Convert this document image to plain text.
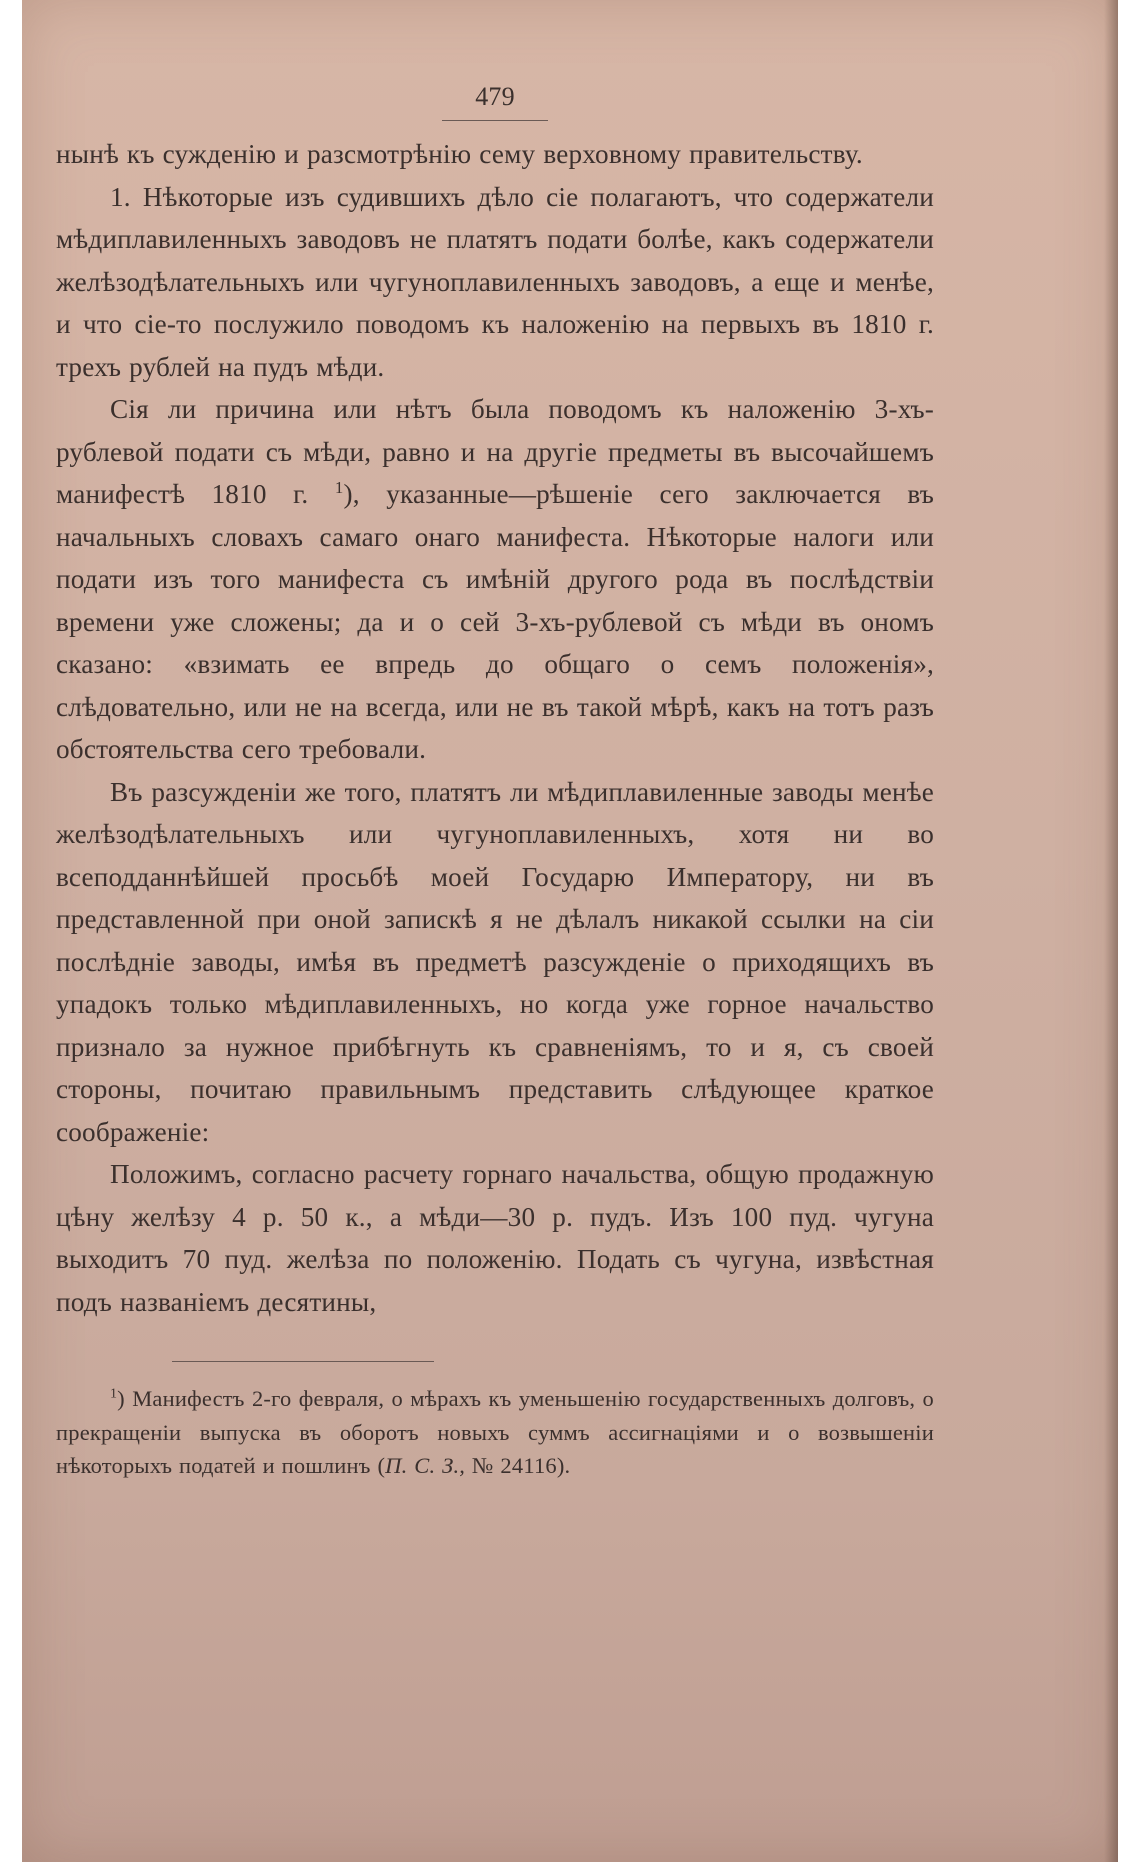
479

нынѣ къ сужденію и разсмотрѣнію сему верховному правительству.

1. Нѣкоторые изъ судившихъ дѣло сіе полагаютъ, что содержатели мѣдиплавиленныхъ заводовъ не платятъ подати болѣе, какъ содержатели желѣзодѣлательныхъ или чугуноплавиленныхъ заводовъ, а еще и менѣе, и что сіе-то послужило поводомъ къ наложенію на первыхъ въ 1810 г. трехъ рублей на пудъ мѣди.

Сія ли причина или нѣтъ была поводомъ къ наложенію 3-хъ-рублевой подати съ мѣди, равно и на другіе предметы въ высочайшемъ манифестѣ 1810 г. $^1$), указанные—рѣшеніе сего заключается въ начальныхъ словахъ самаго онаго манифеста. Нѣкоторые налоги или подати изъ того манифеста съ имѣній другого рода въ послѣдствіи времени уже сложены; да и о сей 3-хъ-рублевой съ мѣди въ ономъ сказано: «взимать ее впредь до общаго о семъ положенія», слѣдовательно, или не на всегда, или не въ такой мѣрѣ, какъ на тотъ разъ обстоятельства сего требовали.

Въ разсужденіи же того, платятъ ли мѣдиплавиленные заводы менѣе желѣзодѣлательныхъ или чугуноплавиленныхъ, хотя ни во всеподданнѣйшей просьбѣ моей Государю Императору, ни въ представленной при оной запискѣ я не дѣлалъ никакой ссылки на сіи послѣдніе заводы, имѣя въ предметѣ разсужденіе о приходящихъ въ упадокъ только мѣдиплавиленныхъ, но когда уже горное начальство признало за нужное прибѣгнуть къ сравненіямъ, то и я, съ своей стороны, почитаю правильнымъ представить слѣдующее краткое соображеніе:

Положимъ, согласно расчету горнаго начальства, общую продажную цѣну желѣзу 4 р. 50 к., а мѣди—30 р. пудъ. Изъ 100 пуд. чугуна выходитъ 70 пуд. желѣза по положенію. Подать съ чугуна, извѣстная подъ названіемъ десятины,

$^1$) Манифестъ 2-го февраля, о мѣрахъ къ уменьшенію государственныхъ долговъ, о прекращеніи выпуска въ оборотъ новыхъ суммъ ассигнаціями и о возвышеніи нѣкоторыхъ податей и пошлинъ (П. С. З., № 24116).
